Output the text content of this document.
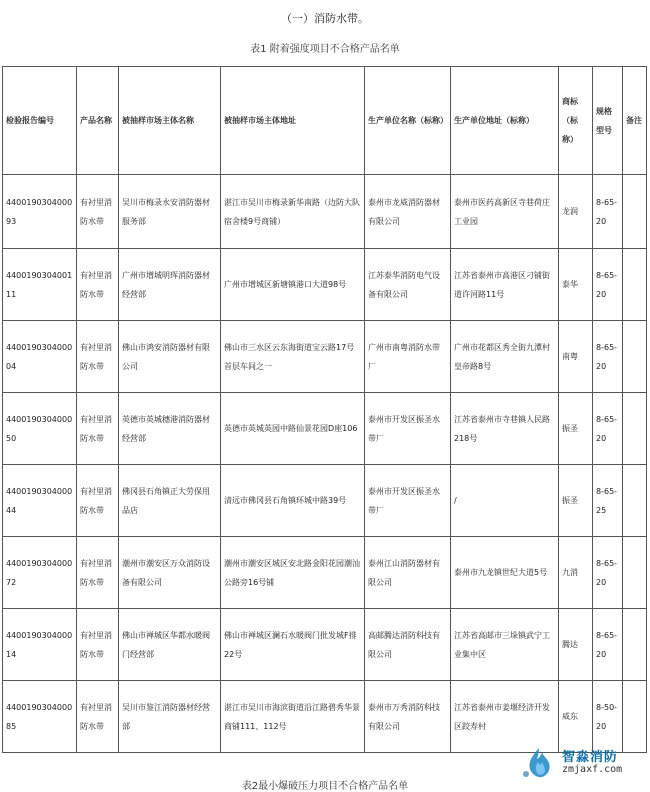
（一）消防水带。
表1 附着强度项目不合格产品名单
检验报告编号	产品名称	被抽样市场主体名称	被抽样市场主体地址	生产单位名称（标称）	生产单位地址（标称）	商标（标称）	规格型号	备注
440019030400093	有衬里消防水带	吴川市梅录永安消防器材服务部	湛江市吴川市梅录新华南路（边防大队宿舍楼9号商铺）	泰州市龙威消防器材有限公司	泰州市医药高新区寺巷荷庄工业园	龙润	8-65-20	
440019030400111	有衬里消防水带	广州市增城明珲消防器材经营部	广州市增城区新塘镇港口大道98号	江苏泰华消防电气设备有限公司	江苏省泰州市高港区刁铺街道许河路11号	泰华	8-65-20	
440019030400004	有衬里消防水带	佛山市鸿安消防器材有限公司	佛山市三水区云东海街道宝云路17号首层车间之一	广州市南粤消防水带厂	广州市花都区秀全街九潭村皇帝路8号	南粤	8-65-20	
440019030400050	有衬里消防水带	英德市英城穗港消防器材经营部	英德市英城英园中路仙景花园D座106	泰州市开发区振圣水带厂	江苏省泰州市寺巷镇人民路218号	振圣	8-65-20	
440019030400044	有衬里消防水带	佛冈县石角镇正大劳保用品店	清远市佛冈县石角镇环城中路39号	泰州市开发区振圣水带厂	/	振圣	8-65-25	
440019030400072	有衬里消防水带	潮州市潮安区万众消防设备有限公司	潮州市潮安区城区安北路金阳花园潮汕公路旁16号铺	泰州江山消防器材有限公司	泰州市九龙镇世纪大道5号	九消	8-65-20	
440019030400014	有衬里消防水带	佛山市禅城区华都水暖阀门经营部	佛山市禅城区澜石水暖阀门批发城F排22号	高邮腾达消防科技有限公司	江苏省高邮市三垛镇武宁工业集中区	腾达	8-65-20	
440019030400085	有衬里消防水带	吴川市鉴江消防器材经营部	湛江市吴川市海滨街道沿江路碧秀华景商铺111、112号	泰州市万秀消防科技有限公司	江苏省泰州市姜堰经济开发区跤寿村	威东	8-50-20	
表2最小爆破压力项目不合格产品名单
智淼消防
zmjaxf.com
